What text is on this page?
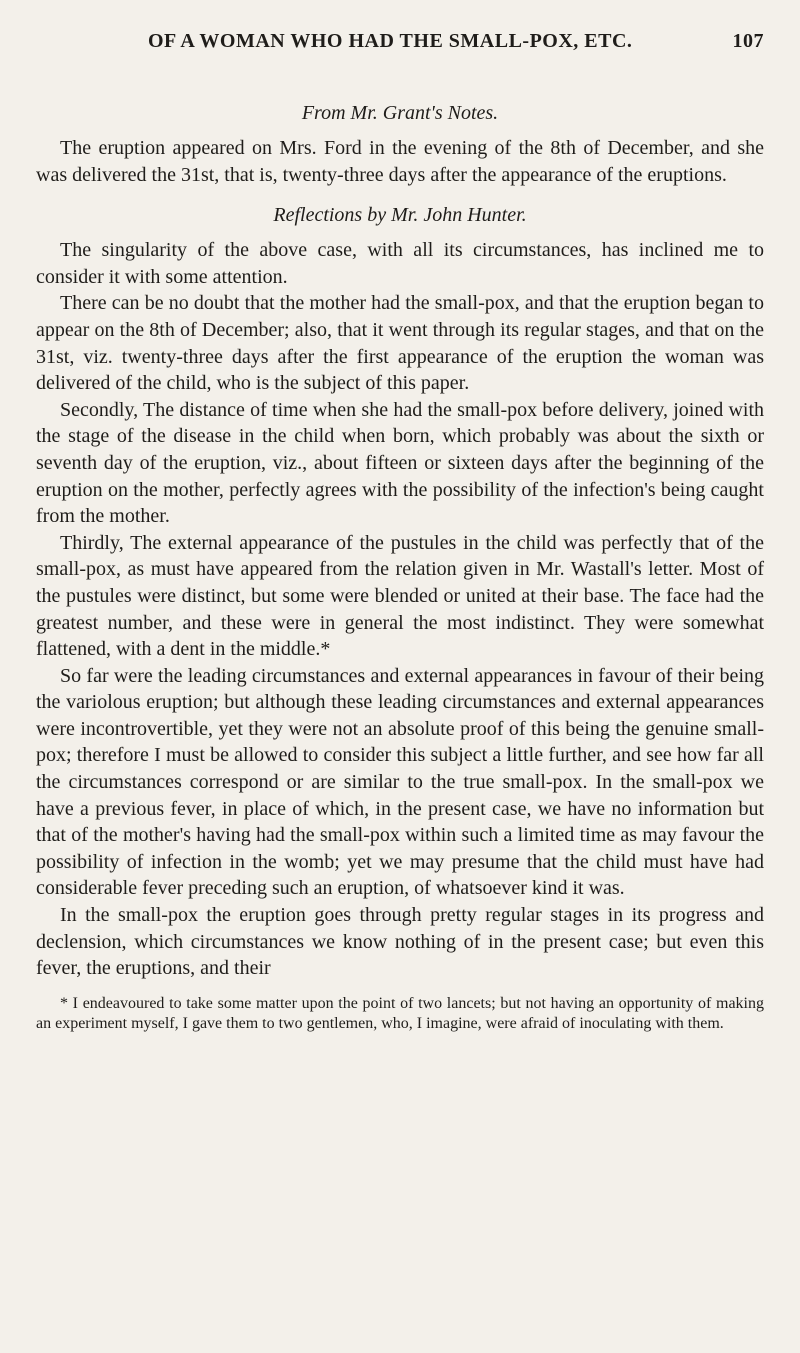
OF A WOMAN WHO HAD THE SMALL-POX, ETC.	107
From Mr. Grant's Notes.

The eruption appeared on Mrs. Ford in the evening of the 8th of December, and she was delivered the 31st, that is, twenty-three days after the appearance of the eruptions.

Reflections by Mr. John Hunter.

The singularity of the above case, with all its circumstances, has inclined me to consider it with some attention.

There can be no doubt that the mother had the small-pox, and that the eruption began to appear on the 8th of December; also, that it went through its regular stages, and that on the 31st, viz. twenty-three days after the first appearance of the eruption the woman was delivered of the child, who is the subject of this paper.

Secondly, The distance of time when she had the small-pox before delivery, joined with the stage of the disease in the child when born, which probably was about the sixth or seventh day of the eruption, viz., about fifteen or sixteen days after the beginning of the eruption on the mother, perfectly agrees with the possibility of the infection's being caught from the mother.

Thirdly, The external appearance of the pustules in the child was perfectly that of the small-pox, as must have appeared from the relation given in Mr. Wastall's letter. Most of the pustules were distinct, but some were blended or united at their base. The face had the greatest number, and these were in general the most indistinct. They were somewhat flattened, with a dent in the middle.*

So far were the leading circumstances and external appearances in favour of their being the variolous eruption; but although these leading circumstances and external appearances were incontrovertible, yet they were not an absolute proof of this being the genuine small-pox; therefore I must be allowed to consider this subject a little further, and see how far all the circumstances correspond or are similar to the true small-pox. In the small-pox we have a previous fever, in place of which, in the present case, we have no information but that of the mother's having had the small-pox within such a limited time as may favour the possibility of infection in the womb; yet we may presume that the child must have had considerable fever preceding such an eruption, of whatsoever kind it was.

In the small-pox the eruption goes through pretty regular stages in its progress and declension, which circumstances we know nothing of in the present case; but even this fever, the eruptions, and their

* I endeavoured to take some matter upon the point of two lancets; but not having an opportunity of making an experiment myself, I gave them to two gentlemen, who, I imagine, were afraid of inoculating with them.
